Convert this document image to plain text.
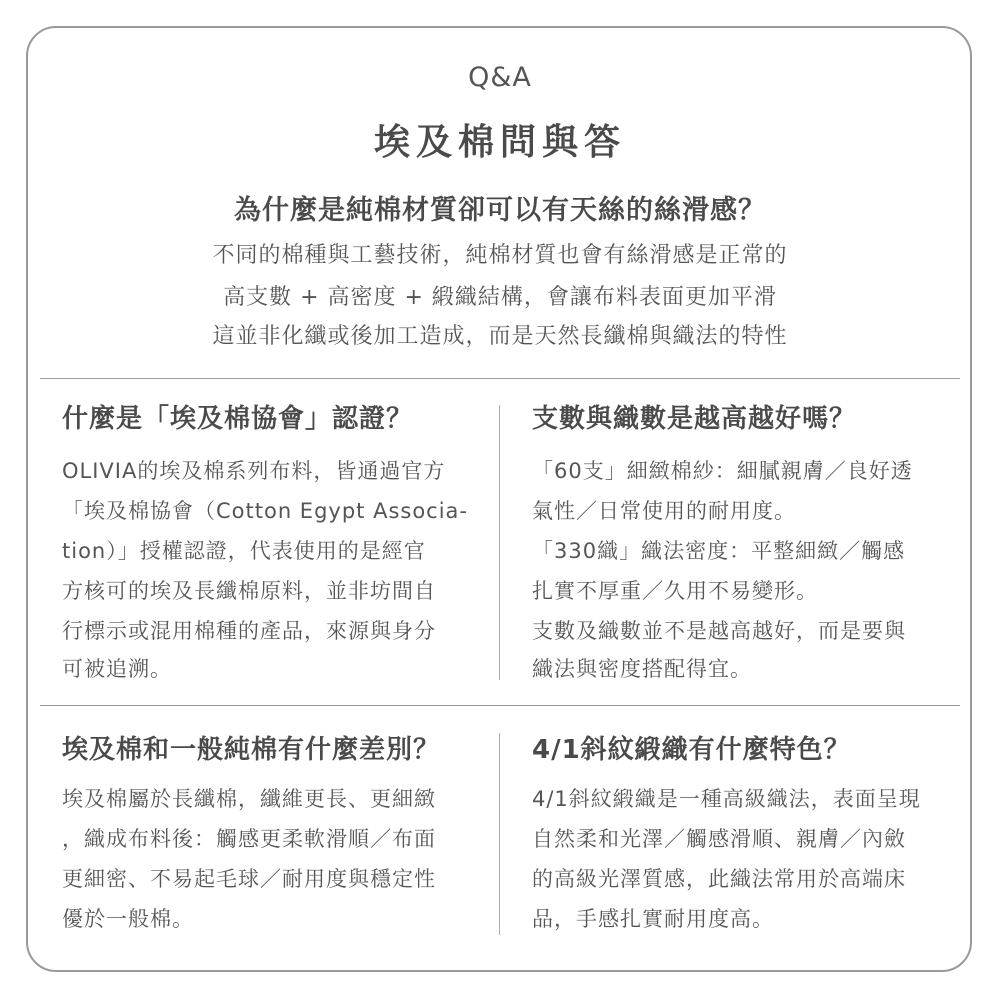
Q&A
埃及棉問與答
為什麼是純棉材質卻可以有天絲的絲滑感？
不同的棉種與工藝技術，純棉材質也會有絲滑感是正常的
高支數 + 高密度 + 緞織結構，會讓布料表面更加平滑
這並非化纖或後加工造成，而是天然長纖棉與織法的特性
什麼是「埃及棉協會」認證？
OLIVIA的埃及棉系列布料，皆通過官方
「埃及棉協會（Cotton Egypt Associa-
tion）」授權認證，代表使用的是經官
方核可的埃及長纖棉原料，並非坊間自
行標示或混用棉種的產品，來源與身分
可被追溯。
支數與織數是越高越好嗎？
「60支」細緻棉紗：細膩親膚／良好透
氣性／日常使用的耐用度。
「330織」織法密度：平整細緻／觸感
扎實不厚重／久用不易變形。
支數及織數並不是越高越好，而是要與
織法與密度搭配得宜。
埃及棉和一般純棉有什麼差別？
埃及棉屬於長纖棉，纖維更長、更細緻
，織成布料後：觸感更柔軟滑順／布面
更細密、不易起毛球／耐用度與穩定性
優於一般棉。
4/1斜紋緞織有什麼特色？
4/1斜紋緞織是一種高級織法，表面呈現
自然柔和光澤／觸感滑順、親膚／內斂
的高級光澤質感，此織法常用於高端床
品，手感扎實耐用度高。
